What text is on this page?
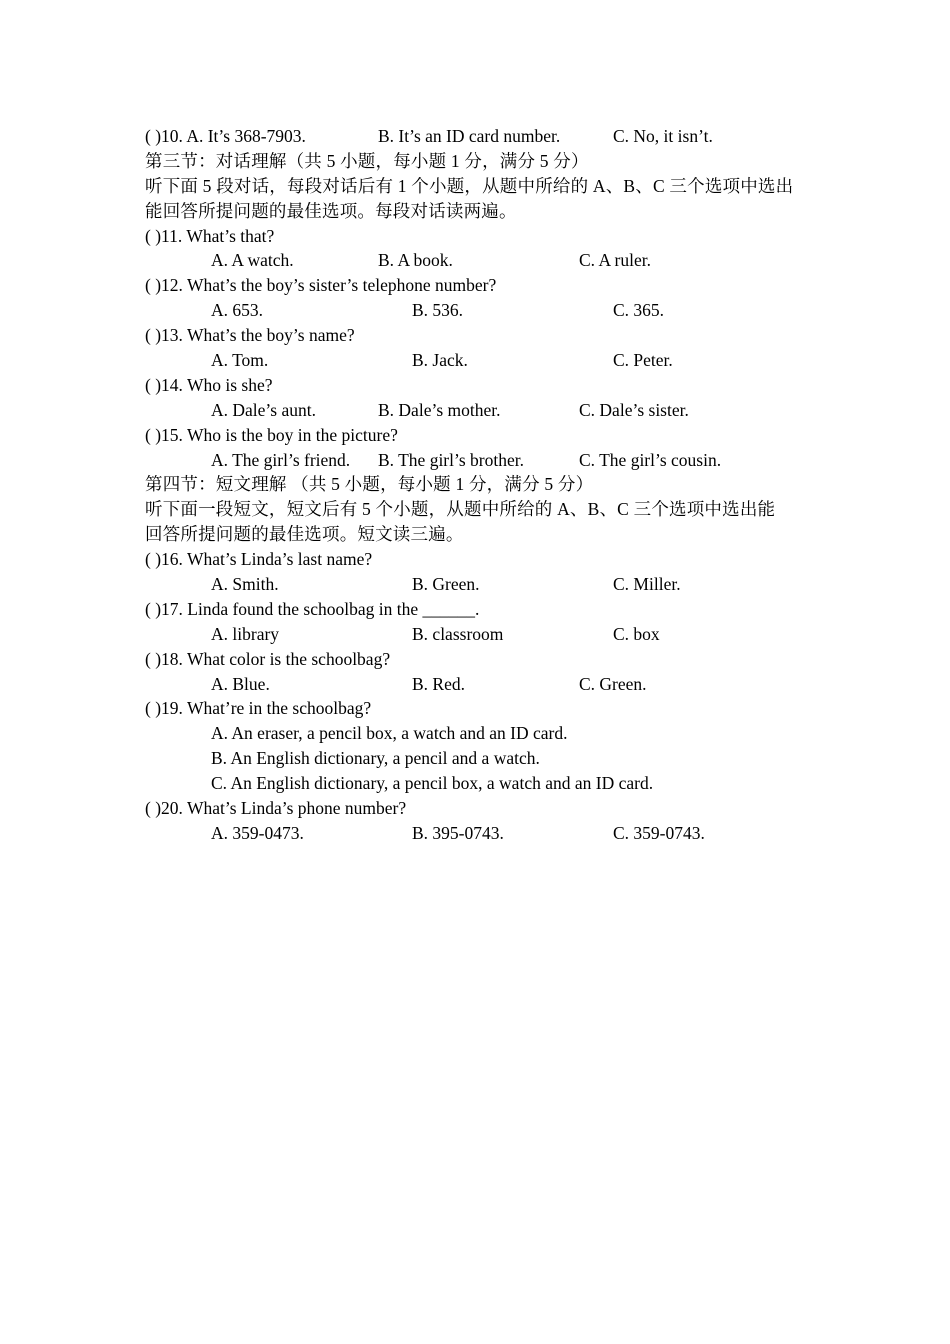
( )10. A. It’s 368-7903.	B. It’s an ID card number.	C. No, it isn’t.
第三节：对话理解（共 5 小题，每小题 1 分，满分 5 分）
听下面 5 段对话，每段对话后有 1 个小题，从题中所给的 A、B、C 三个选项中选出
能回答所提问题的最佳选项。每段对话读两遍。
( )11. What’s that?
A. A watch.	B. A book.	C. A ruler.
( )12. What’s the boy’s sister’s telephone number?
A. 653.	B. 536.	C. 365.
( )13. What’s the boy’s name?
A. Tom.	B. Jack.	C. Peter.
( )14. Who is she?
A. Dale’s aunt.	B. Dale’s mother.	C. Dale’s sister.
( )15. Who is the boy in the picture?
A. The girl’s friend. B. The girl’s brother.	C. The girl’s cousin.
第四节：短文理解 （共 5 小题，每小题 1 分，满分 5 分）
听下面一段短文，短文后有 5 个小题，从题中所给的 A、B、C 三个选项中选出能
回答所提问题的最佳选项。短文读三遍。
( )16. What’s Linda’s last name?
A. Smith.	B. Green.	C. Miller.
( )17. Linda found the schoolbag in the ______.
A. library	B. classroom	C. box
( )18. What color is the schoolbag?
A. Blue.	B. Red.	C. Green.
( )19. What’re in the schoolbag?
A. An eraser, a pencil box, a watch and an ID card.
B. An English dictionary, a pencil and a watch.
C. An English dictionary, a pencil box, a watch and an ID card.
( )20. What’s Linda’s phone number?
A. 359-0473.	B. 395-0743.	C. 359-0743.
